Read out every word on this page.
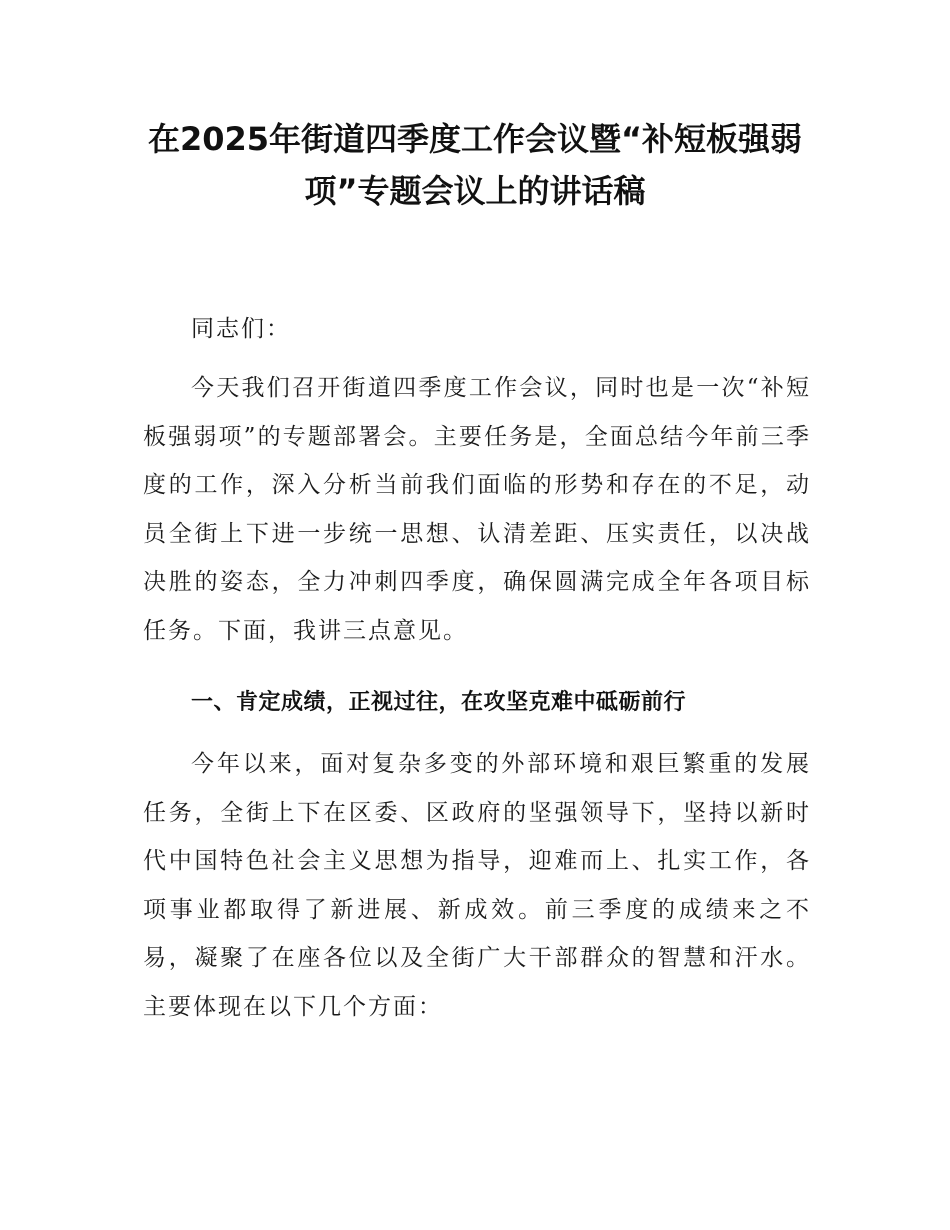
在2025年街道四季度工作会议暨“补短板强弱项”专题会议上的讲话稿

同志们：

今天我们召开街道四季度工作会议，同时也是一次“补短板强弱项”的专题部署会。主要任务是，全面总结今年前三季度的工作，深入分析当前我们面临的形势和存在的不足，动员全街上下进一步统一思想、认清差距、压实责任，以决战决胜的姿态，全力冲刺四季度，确保圆满完成全年各项目标任务。下面，我讲三点意见。

一、肯定成绩，正视过往，在攻坚克难中砥砺前行

今年以来，面对复杂多变的外部环境和艰巨繁重的发展任务，全街上下在区委、区政府的坚强领导下，坚持以新时代中国特色社会主义思想为指导，迎难而上、扎实工作，各项事业都取得了新进展、新成效。前三季度的成绩来之不易，凝聚了在座各位以及全街广大干部群众的智慧和汗水。主要体现在以下几个方面：
